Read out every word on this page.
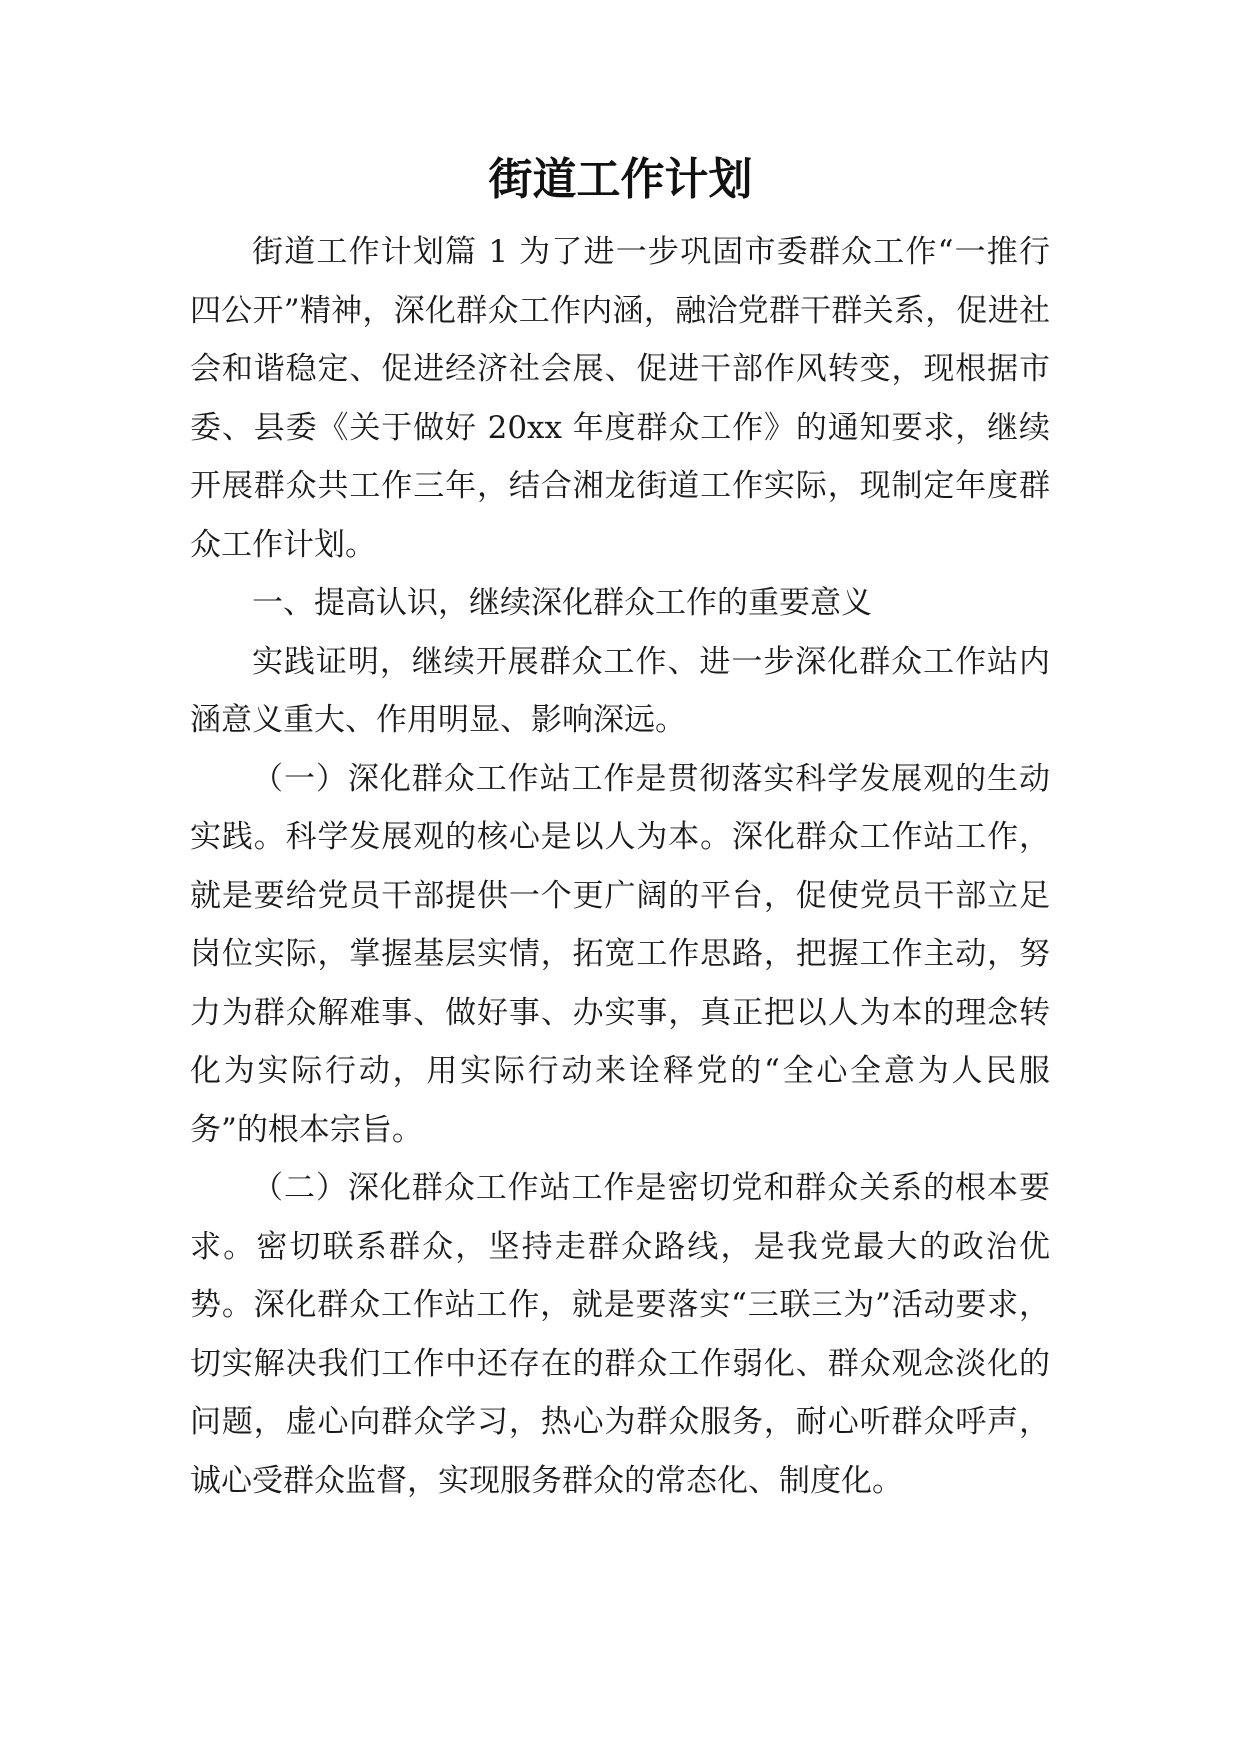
街道工作计划

街道工作计划篇 1 为了进一步巩固市委群众工作“一推行四公开”精神，深化群众工作内涵，融洽党群干群关系，促进社会和谐稳定、促进经济社会展、促进干部作风转变，现根据市委、县委《关于做好 20xx 年度群众工作》的通知要求，继续开展群众共工作三年，结合湘龙街道工作实际，现制定年度群众工作计划。

一、提高认识，继续深化群众工作的重要意义

实践证明，继续开展群众工作、进一步深化群众工作站内涵意义重大、作用明显、影响深远。

（一）深化群众工作站工作是贯彻落实科学发展观的生动实践。科学发展观的核心是以人为本。深化群众工作站工作，就是要给党员干部提供一个更广阔的平台，促使党员干部立足岗位实际，掌握基层实情，拓宽工作思路，把握工作主动，努力为群众解难事、做好事、办实事，真正把以人为本的理念转化为实际行动，用实际行动来诠释党的“全心全意为人民服务”的根本宗旨。

（二）深化群众工作站工作是密切党和群众关系的根本要求。密切联系群众，坚持走群众路线，是我党最大的政治优势。深化群众工作站工作，就是要落实“三联三为”活动要求，切实解决我们工作中还存在的群众工作弱化、群众观念淡化的问题，虚心向群众学习，热心为群众服务，耐心听群众呼声，诚心受群众监督，实现服务群众的常态化、制度化。
